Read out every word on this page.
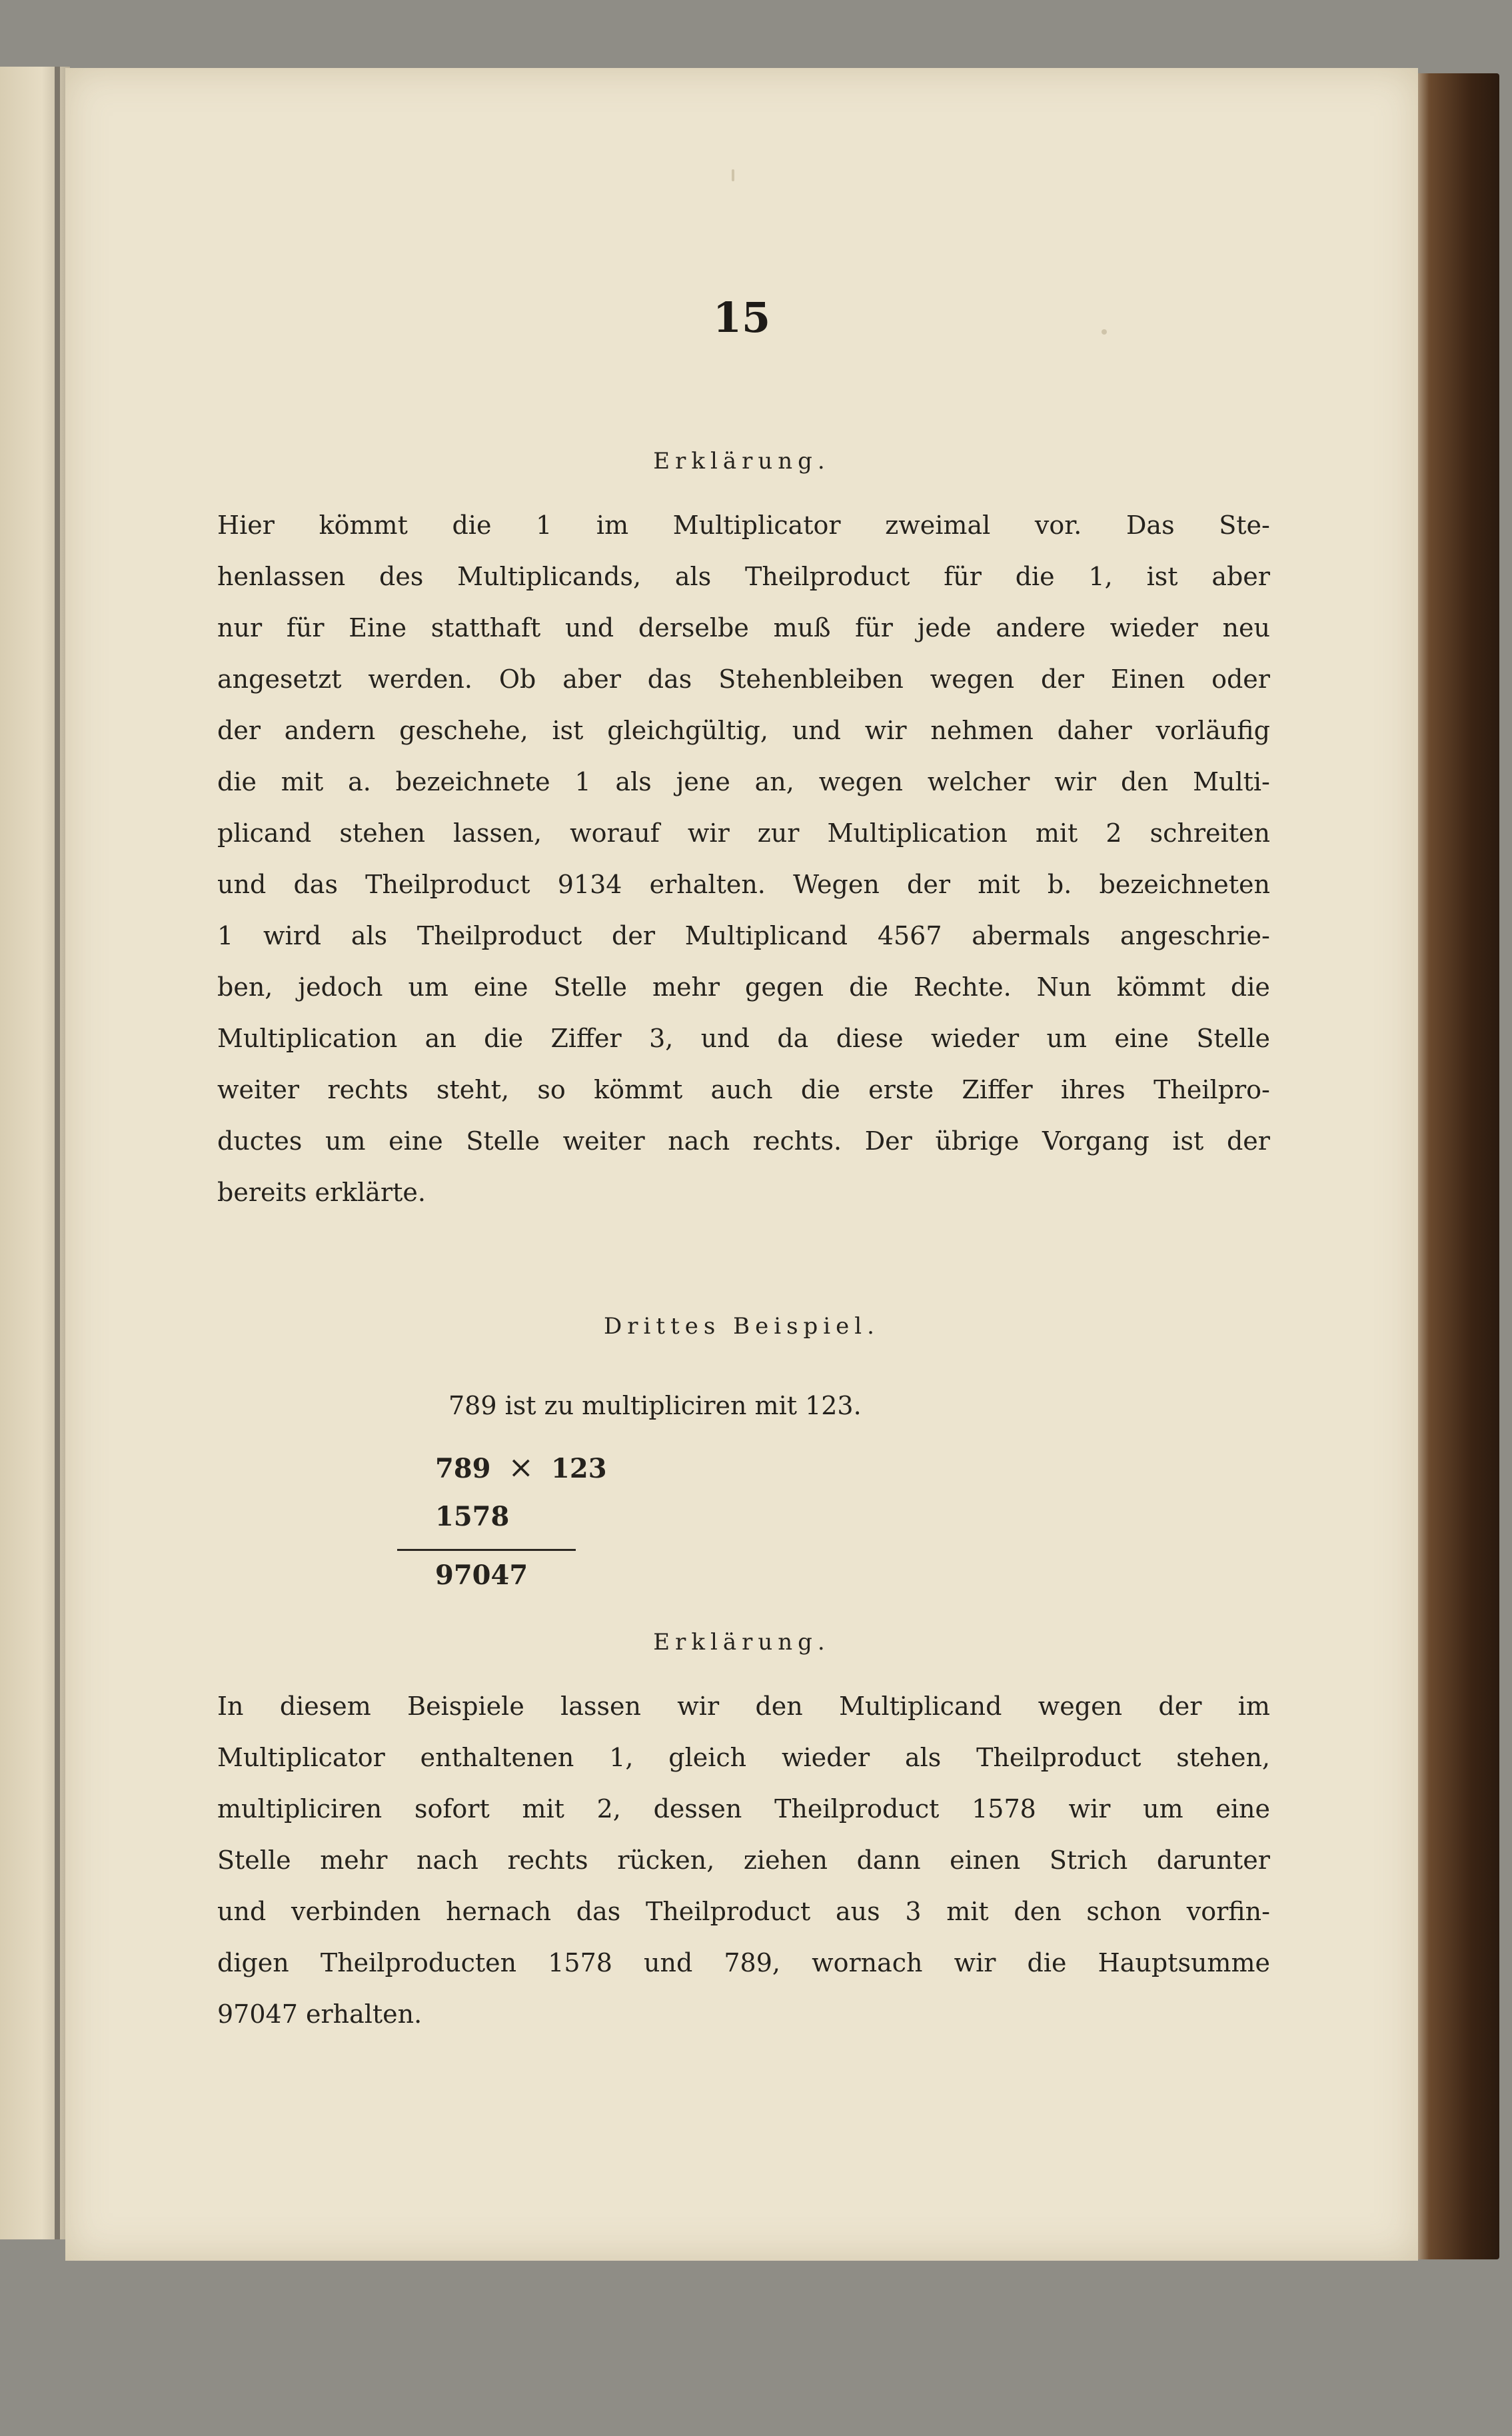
15
Erklärung.
Hier kömmt die 1 im Multiplicator zweimal vor. Das Ste-
henlassen des Multiplicands, als Theilproduct für die 1, ist aber
nur für Eine statthaft und derselbe muß für jede andere wieder neu
angesetzt werden. Ob aber das Stehenbleiben wegen der Einen oder
der andern geschehe, ist gleichgültig, und wir nehmen daher vorläufig
die mit a. bezeichnete 1 als jene an, wegen welcher wir den Multi-
plicand stehen lassen, worauf wir zur Multiplication mit 2 schreiten
und das Theilproduct 9134 erhalten. Wegen der mit b. bezeichneten
1 wird als Theilproduct der Multiplicand 4567 abermals angeschrie-
ben, jedoch um eine Stelle mehr gegen die Rechte. Nun kömmt die
Multiplication an die Ziffer 3, und da diese wieder um eine Stelle
weiter rechts steht, so kömmt auch die erste Ziffer ihres Theilpro-
ductes um eine Stelle weiter nach rechts. Der übrige Vorgang ist der
bereits erklärte.
Drittes Beispiel.
789 ist zu multipliciren mit 123.
789 × 123
1578
97047
Erklärung.
In diesem Beispiele lassen wir den Multiplicand wegen der im
Multiplicator enthaltenen 1, gleich wieder als Theilproduct stehen,
multipliciren sofort mit 2, dessen Theilproduct 1578 wir um eine
Stelle mehr nach rechts rücken, ziehen dann einen Strich darunter
und verbinden hernach das Theilproduct aus 3 mit den schon vorfin-
digen Theilproducten 1578 und 789, wornach wir die Hauptsumme
97047 erhalten.
